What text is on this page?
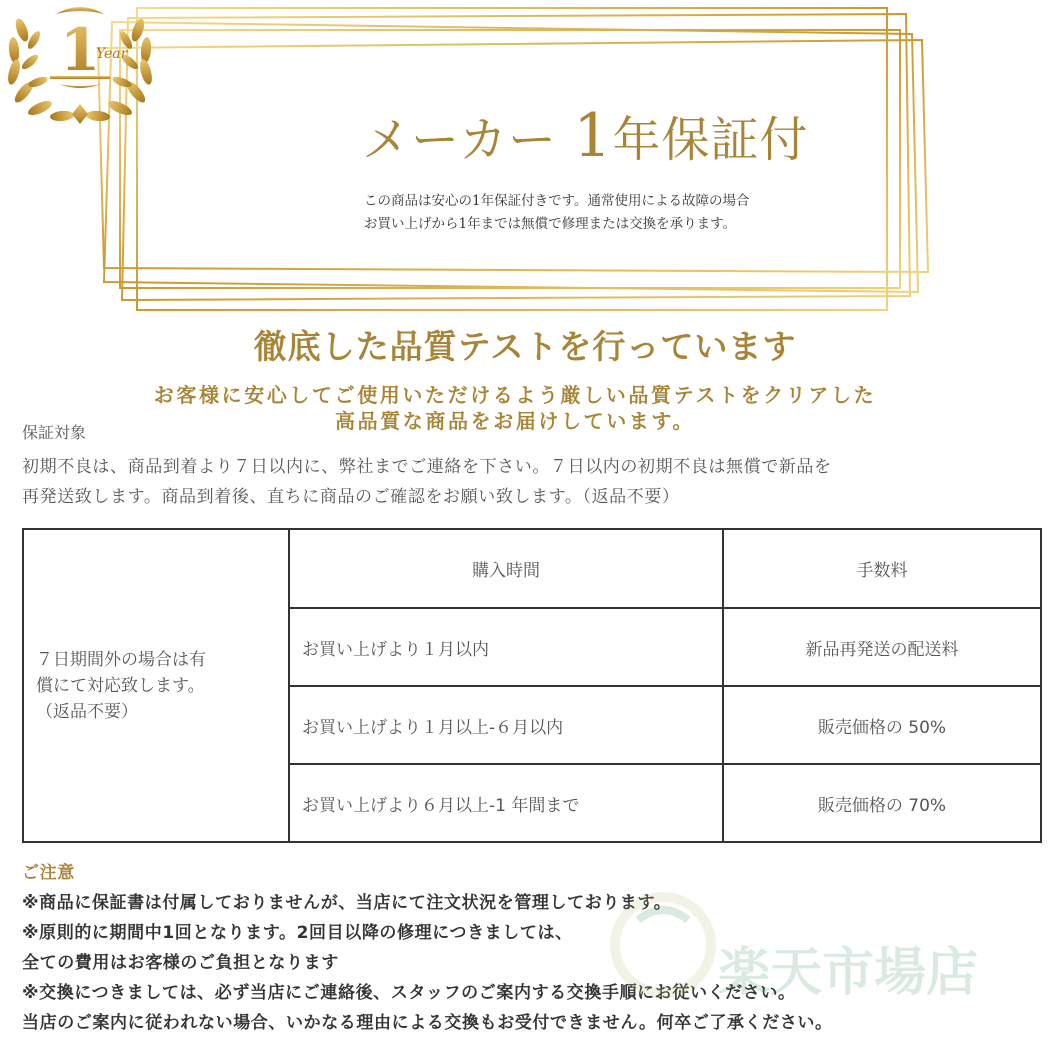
1
Year
メーカー 1年保証付
この商品は安心の1年保証付きです。通常使用による故障の場合
お買い上げから1年までは無償で修理または交換を承ります。
徹底した品質テストを行っています
お客様に安心してご使用いただけるよう厳しい品質テストをクリアした
高品質な商品をお届けしています。
保証対象
初期不良は、商品到着より７日以内に、弊社までご連絡を下さい。７日以内の初期不良は無償で新品を
再発送致します。商品到着後、直ちに商品のご確認をお願い致します。（返品不要）
７日期間外の場合は有
償にて対応致します。
（返品不要）	購入時間	手数料
	お買い上げより１月以内	新品再発送の配送料
	お買い上げより１月以上-６月以内	販売価格の 50%
	お買い上げより６月以上-1 年間まで	販売価格の 70%
ご注意
※商品に保証書は付属しておりませんが、当店にて注文状況を管理しております。
※原則的に期間中1回となります。2回目以降の修理につきましては、
全ての費用はお客様のご負担となります
※交換につきましては、必ず当店にご連絡後、スタッフのご案内する交換手順にお従いください。
当店のご案内に従われない場合、いかなる理由による交換もお受付できません。何卒ご了承ください。
楽天市場店
